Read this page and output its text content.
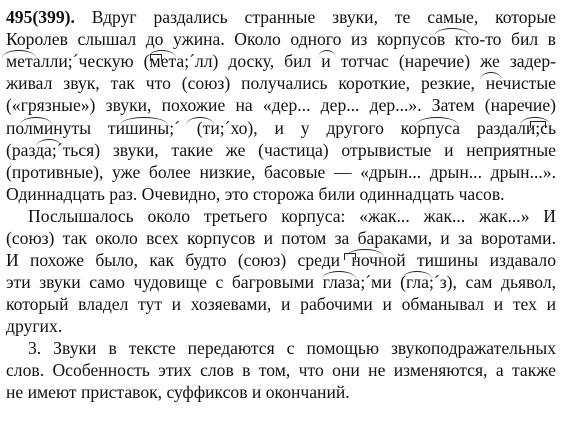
495(399). Вдруг раздались странные звуки, те самые, которые
Королев слышал до ужина. Около одного из корпусов кто-то бил в
металли;´ческую (мета;´лл) доску, бил и тотчас (наречие) же задер-
живал звук, так что (союз) получались короткие, резкие, нечистые
(«грязные») звуки, похожие на «дер... дер... дер...». Затем (наречие)
полминуты тишины;´ (ти;´хо), и у другого корпуса раздали;сь
(разда;´ться) звуки, такие же (частица) отрывистые и неприятные
(противные), уже более низкие, басовые — «дрын... дрын... дрын...».
Одиннадцать раз. Очевидно, это сторожа били одиннадцать часов.
Послышалось около третьего корпуса: «жак... жак... жак...» И
(союз) так около всех корпусов и потом за бараками, и за воротами.
И похоже было, как будто (союз) среди ночной тишины издавало
эти звуки само чудовище с багровыми глаза;´ми (гла;´з), сам дьявол,
который владел тут и хозяевами, и рабочими и обманывал и тех и
других.
3. Звуки в тексте передаются с помощью звукоподражательных
слов. Особенность этих слов в том, что они не изменяются, а также
не имеют приставок, суффиксов и окончаний.
